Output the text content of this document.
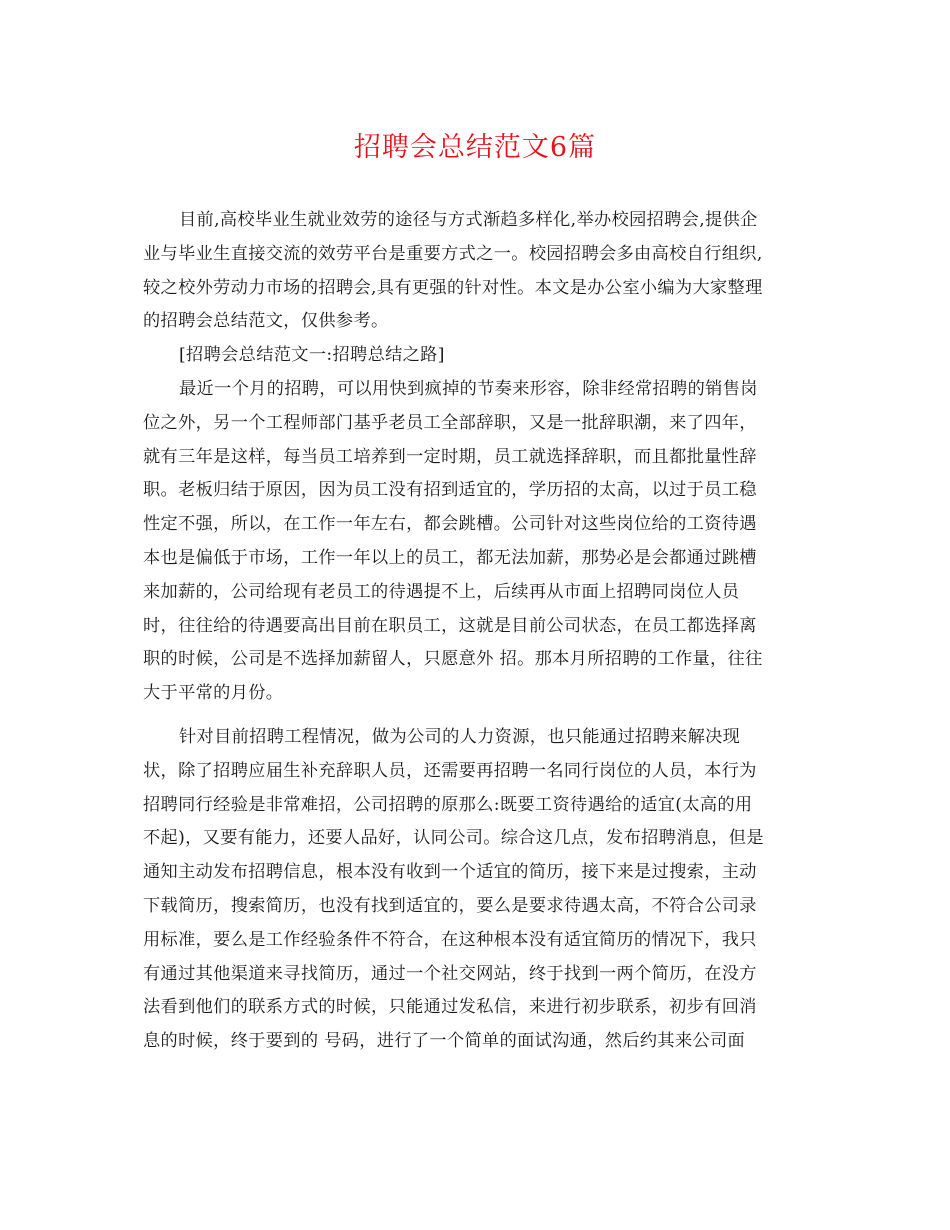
招聘会总结范文6篇
目前,高校毕业生就业效劳的途径与方式渐趋多样化,举办校园招聘会,提供企
业与毕业生直接交流的效劳平台是重要方式之一。校园招聘会多由高校自行组织,
较之校外劳动力市场的招聘会,具有更强的针对性。本文是办公室小编为大家整理
的招聘会总结范文，仅供参考。
[招聘会总结范文一:招聘总结之路]
最近一个月的招聘，可以用快到疯掉的节奏来形容，除非经常招聘的销售岗
位之外，另一个工程师部门基乎老员工全部辞职，又是一批辞职潮，来了四年，
就有三年是这样，每当员工培养到一定时期，员工就选择辞职，而且都批量性辞
职。老板归结于原因，因为员工没有招到适宜的，学历招的太高，以过于员工稳
性定不强，所以，在工作一年左右，都会跳槽。公司针对这些岗位给的工资待遇
本也是偏低于市场，工作一年以上的员工，都无法加薪，那势必是会都通过跳槽
来加薪的，公司给现有老员工的待遇提不上，后续再从市面上招聘同岗位人员
时，往往给的待遇要高出目前在职员工，这就是目前公司状态，在员工都选择离
职的时候，公司是不选择加薪留人，只愿意外 招。那本月所招聘的工作量，往往
大于平常的月份。
针对目前招聘工程情况，做为公司的人力资源，也只能通过招聘来解决现
状，除了招聘应届生补充辞职人员，还需要再招聘一名同行岗位的人员，本行为
招聘同行经验是非常难招，公司招聘的原那么:既要工资待遇给的适宜(太高的用
不起)，又要有能力，还要人品好，认同公司。综合这几点，发布招聘消息，但是
通知主动发布招聘信息，根本没有收到一个适宜的简历，接下来是过搜索，主动
下载简历，搜索简历，也没有找到适宜的，要么是要求待遇太高，不符合公司录
用标准，要么是工作经验条件不符合，在这种根本没有适宜简历的情况下，我只
有通过其他渠道来寻找简历，通过一个社交网站，终于找到一两个简历，在没方
法看到他们的联系方式的时候，只能通过发私信，来进行初步联系，初步有回消
息的时候，终于要到的 号码，进行了一个简单的面试沟通，然后约其来公司面
